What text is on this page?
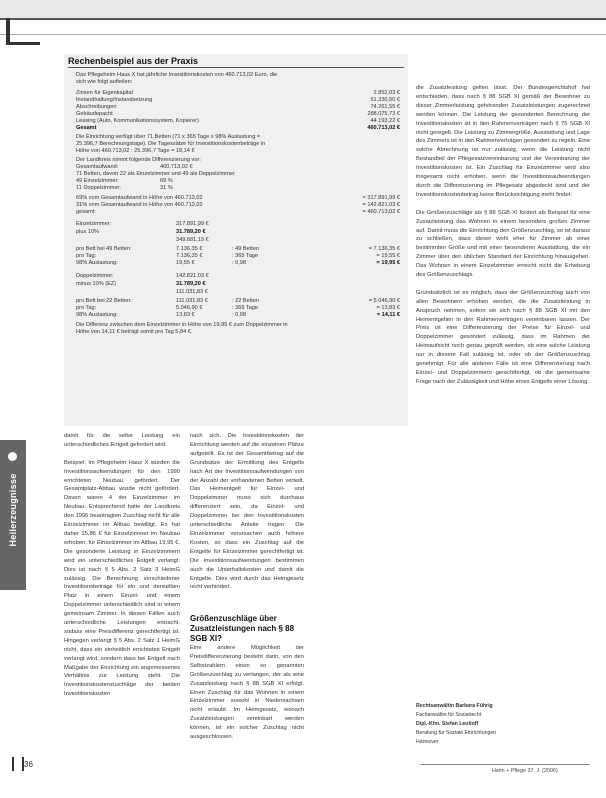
Heilerzeugnisse
Rechenbeispiel aus der Praxis
Das Pflegeheim Haus X hat jährliche Investitionskosten von 460.713,02 Euro, die
sich wie folgt aufteilen:
Zinsen für Eigenkapital	2.852,03 €
Instandhaltung/Instandsetzung	51.330,50 €
Abschreibungen	74.261,55 €
Gebäudepacht	288.075,73 €
Leasing (Auto, Kommunikationssystem, Kopierer)	44.193,22 €
Gesamt	460.713,02 €
Die Einrichtung verfügt über 71 Betten (71 x 365 Tage x 98% Auslastung =
25.396,7 Berechnungstage). Die Tagessätze für Investitionskostenbeträge in
Höhe von 460.713,02 : 25.396,7 Tage = 18,14 €
Der Landkreis nimmt folgende Differenzierung vor:
Gesamtaufwand:	460.713,02 €
71 Betten, davon 22 als Einzelzimmer und 49 als Doppelzimmer
49 Einzelzimmer:	69 %
11 Doppelzimmer:	31 %
69% vom Gesamtaufwand in Höhe von 460.713,02	= 317.891,99 €
31% vom Gesamtaufwand in Höhe von 460.713,02	= 142.821,03 €
gesamt:	= 460.713,02 €
Einzelzimmer:	317.891,99 €
plus 10%	31.789,20 €
349.681,19 €
pro Bett bei 49 Betten:	7.136,35 €	: 49 Betten	= 7.136,35 €
pro Tag:	7.136,35 €	: 365 Tage	= 19,55 €
98% Auslastung:	19,55 €	: 0,98	= 19,95 €
Doppelzimmer:	142.821,03 €
minus 10% (EZ)	31.789,20 €
111.031,83 €
pro Bett bei 22 Betten:	111.031,83 €	: 22 Betten	= 5.046,90 €
pro Tag:	5.046,90 €	: 365 Tage	= 13,83 €
98% Auslastung:	13,83 €	: 0,98	= 14,11 €
Die Differenz zwischen dem Einzelzimmer in Höhe von 19,95 € zum Doppelzimmer in
Höhe von 14,11 € beträgt somit pro Tag 5,84 €.
damit für die selbe Leistung ein unterschiedliches Entgelt gefordert wird.

Beispiel: Im Pflegeheim Haus X wurden die Investitionsaufwendungen für den 1990 errichteten Neubau gefördert. Der Gesamtplatz-Abbau wurde nicht gefördert. Davon waren 4 der Einzelzimmer im Neubau. Entsprechend hatte der Landkreis den 1996 beantragten Zuschlag nicht für alle Einzelzimmer im Altbau bewilligt. Es hat daher 15,86 € für Einzelzimmer im Neubau erhoben, für Einzelzimmer im Altbau 19,95 €. Die gesonderte Leistung in Einzelzimmern wird ein unterschiedliches Entgelt verlangt. Dies ist nach § 5 Abs. 2 Satz 3 HeimG zulässig. Die Berechnung verschiedener Investitionsbeträge für ein und denselben Platz in einem Einzel- und einem Doppelzimmer unterschiedlich sind in einem gemeinsam Zimmer. In diesen Fällen auch unterschiedliche Leistungen erbracht, sodass eine Preisdifferenz gerechtfertigt ist. Hingegen verlangt § 5 Abs. 2 Satz 1 HeimG nicht, dass ein einheitlich errichtetes Entgelt verlangt wird, sondern dass bei Entgelt nach Maßgabe der Einrichtung ein angemessenes Verhältnis zur Leistung steht. Die Investitionskostenzuschläge der beiden Investitionskosten
nach sich. Die Investitionskosten der Einrichtung werden auf die einzelnen Plätze aufgeteilt. Es ist der Gesamtbetrag auf die Grundsätze der Ermittlung des Entgelts nach Art der Investitionsaufwendungen von der Anzahl der vorhandenen Betten verteilt. Das Heimentgelt für Einzel- und Doppelzimmer muss sich durchaus differenziert sein, da Einzel- und Doppelzimmer bei den Investitionskosten unterschiedliche Anteile tragen. Die Einzelzimmer verursachen auch höhere Kosten, so dass ein Zuschlag auf die Entgelte für Einzelzimmer gerechtfertigt ist. Die Investitionsaufwendungen bestimmen auch die Unterhaltskosten und damit die Entgelte. Dies wird durch das Heimgesetz nicht verhindert.
Größenzuschläge über Zusatzleistungen nach § 88 SGB XI?
Eine andere Möglichkeit der Preisdifferenzierung besteht darin, von den Selbstzahlern einen so genannten Größenzuschlag zu verlangen, der als eine Zusatzleistung nach § 88 SGB XI erfolgt. Einen Zuschlag für das Wohnen in einem Einzelzimmer sowohl in Niedersachsen nicht erlaubt. Im Heimgesetz, wonach Zusatzleistungen vereinbart werden können, ist ein solcher Zuschlag nicht ausgeschlossen.
die Zusatzleistung gelten lässt. Der Bundesgerichtshof hat entschieden, dass nach § 88 SGB XI gemäß der Bewohner zu dieser Zimmerleistung gehörenden Zusatzleistungen zugerechnet werden können. Die Leistung der gesonderten Berechnung der Investitionskosten ist in den Rahmenverträgen nach § 75 SGB XI nicht geregelt. Die Leistung zu Zimmergröße, Ausstattung und Lage des Zimmers ist in den Rahmenverträgen gesondert zu regeln. Eine solche Abrechnung ist nur zulässig, wenn die Leistung nicht Bestandteil der Pflegesatzvereinbarung und der Vereinbarung der Investitionskosten ist. Ein Zuschlag für Einzelzimmer wird also insgesamt nicht erhoben, wenn die Investitionsaufwendungen durch die Differenzierung im Pflegesatz abgedeckt sind und der Investitionskostenbetrag keine Berücksichtigung mehr findet.

Die Größenzuschläge als § 88 SGB XI fordert als Beispiel für eine Zusatzleistung das Wohnen in einem besonders großen Zimmer auf. Damit muss die Einrichtung den Größenzuschlag, so ist daraus zu schließen, dass dieser wohl eher für Zimmer ab einer bestimmten Größe und mit einer besonderen Ausstattung, die ein Zimmer über den üblichen Standard der Einrichtung hinausgehen. Das Wohnen in einem Einzelzimmer erreicht nicht die Erhebung des Größenzuschlags.

Grundsätzlich ist es möglich, dass der Größenzuschlag auch von allen Bewohnern erhoben werden, die die Zusatzleistung in Anspruch nehmen, sofern sie sich nach § 88 SGB XI mit den Heimentgelten in den Rahmenverträgen vereinbaren lassen. Der Preis ist eine Differenzierung der Preise für Einzel- und Doppelzimmer gesondert zulässig, dass im Rahmen der Heimaufsicht noch genau geprüft werden, ob eine solche Leistung nur in diesem Fall zulässig ist, oder ob der Größenzuschlag genehmigt. Für alle anderen Fälle ist eine Differenzierung nach Einzel- und Doppelzimmern gerechtfertigt, ob die gemeinsame Frage nach der Zulässigkeit und Höhe eines Entgelts einer Lösung.
Rechtsanwältin Barbara Führig
Fachanwältin für Sozialrecht
Dipl.-Kfm. Stefan Leutloff
Beratung für Soziale Einrichtungen
Hannover
36
Heim + Pflege 37. J. (2006)
